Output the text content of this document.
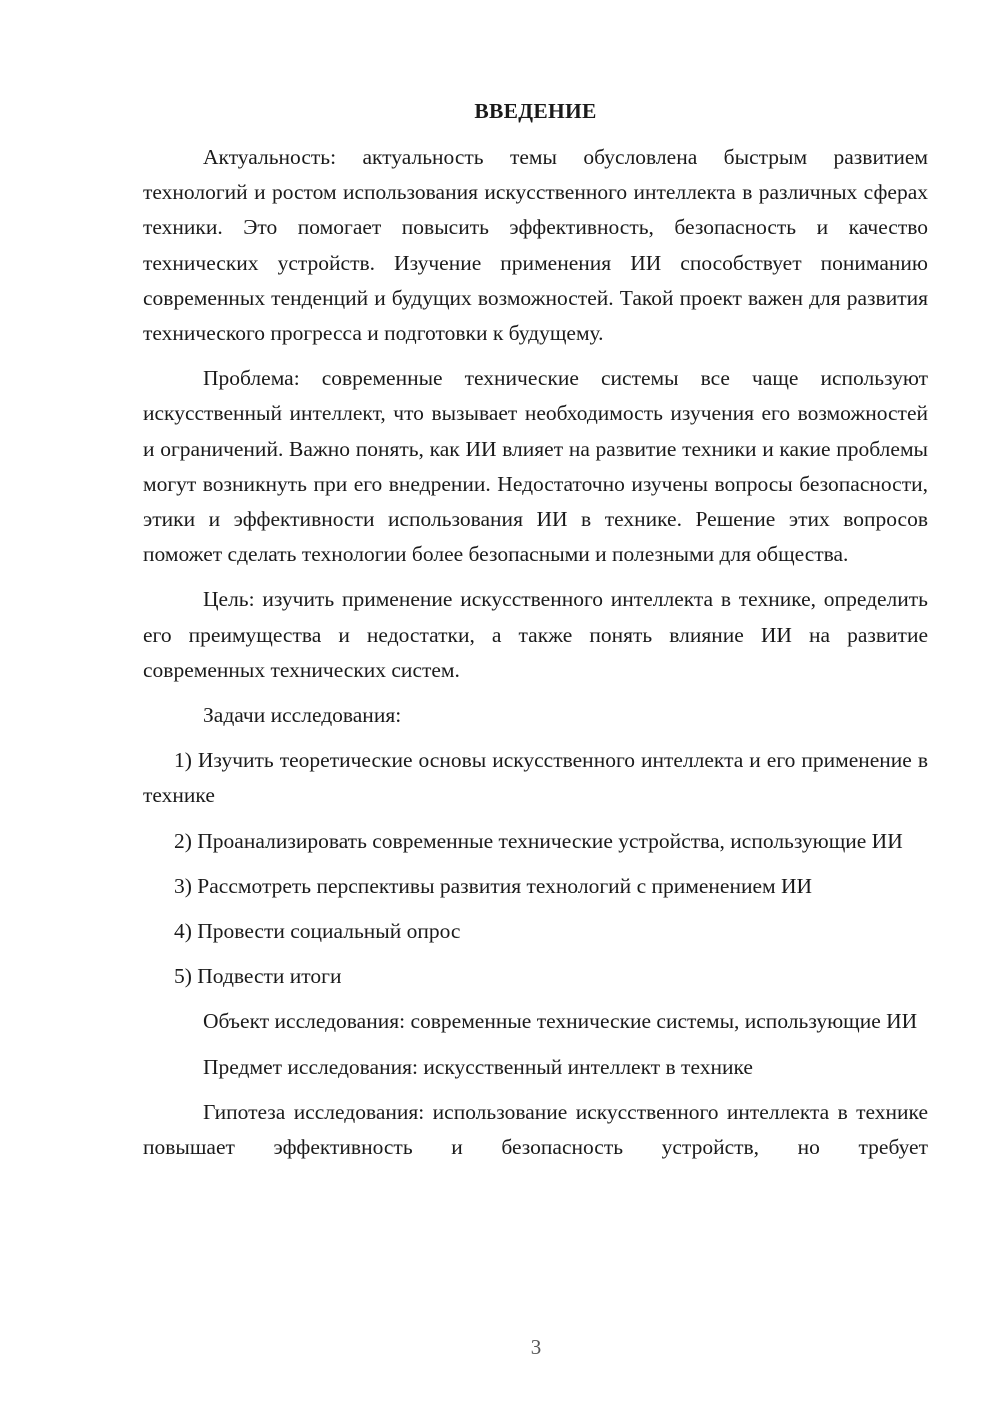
ВВЕДЕНИЕ

Актуальность: актуальность темы обусловлена быстрым развитием технологий и ростом использования искусственного интеллекта в различных сферах техники. Это помогает повысить эффективность, безопасность и качество технических устройств. Изучение применения ИИ способствует пониманию современных тенденций и будущих возможностей. Такой проект важен для развития технического прогресса и подготовки к будущему.

Проблема: современные технические системы все чаще используют искусственный интеллект, что вызывает необходимость изучения его возможностей и ограничений. Важно понять, как ИИ влияет на развитие техники и какие проблемы могут возникнуть при его внедрении. Недостаточно изучены вопросы безопасности, этики и эффективности использования ИИ в технике. Решение этих вопросов поможет сделать технологии более безопасными и полезными для общества.

Цель: изучить применение искусственного интеллекта в технике, определить его преимущества и недостатки, а также понять влияние ИИ на развитие современных технических систем.

Задачи исследования:

1) Изучить теоретические основы искусственного интеллекта и его применение в технике

2) Проанализировать современные технические устройства, использующие ИИ

3) Рассмотреть перспективы развития технологий с применением ИИ

4) Провести социальный опрос

5) Подвести итоги

Объект исследования: современные технические системы, использующие ИИ

Предмет исследования: искусственный интеллект в технике

Гипотеза исследования: использование искусственного интеллекта в технике повышает эффективность и безопасность устройств, но требует

3
